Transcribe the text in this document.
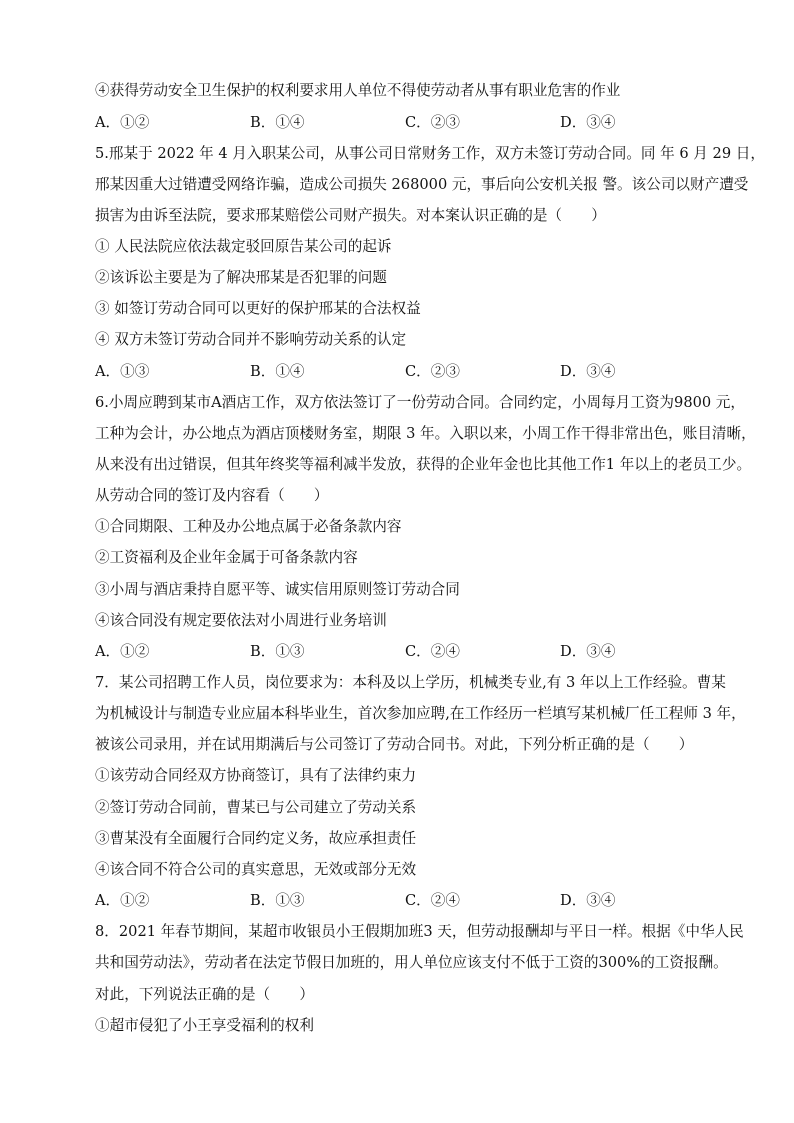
④获得劳动安全卫生保护的权利要求用人单位不得使劳动者从事有职业危害的作业
A．①②	B．①④	C．②③	D．③④
5.邢某于 2022 年 4 月入职某公司，从事公司日常财务工作，双方未签订劳动合同。同 年 6 月 29 日，
邢某因重大过错遭受网络诈骗，造成公司损失 268000 元，事后向公安机关报 警。该公司以财产遭受
损害为由诉至法院，要求邢某赔偿公司财产损失。对本案认识正确的是（　　）
① 人民法院应依法裁定驳回原告某公司的起诉
②该诉讼主要是为了解决邢某是否犯罪的问题
③ 如签订劳动合同可以更好的保护邢某的合法权益
④ 双方未签订劳动合同并不影响劳动关系的认定
A．①③	B．①④	C．②③	D．③④
6.小周应聘到某市A酒店工作，双方依法签订了一份劳动合同。合同约定，小周每月工资为9800 元，
工种为会计，办公地点为酒店顶楼财务室，期限 3 年。入职以来，小周工作干得非常出色，账目清晰，
从来没有出过错误，但其年终奖等福利减半发放，获得的企业年金也比其他工作1 年以上的老员工少。
从劳动合同的签订及内容看（　　）
①合同期限、工种及办公地点属于必备条款内容
②工资福利及企业年金属于可备条款内容
③小周与酒店秉持自愿平等、诚实信用原则签订劳动合同
④该合同没有规定要依法对小周进行业务培训
A．①②	B．①③	C．②④	D．③④
7．某公司招聘工作人员，岗位要求为：本科及以上学历，机械类专业,有 3 年以上工作经验。曹某
为机械设计与制造专业应届本科毕业生，首次参加应聘,在工作经历一栏填写某机械厂任工程师 3 年，
被该公司录用，并在试用期满后与公司签订了劳动合同书。对此，下列分析正确的是（　　）
①该劳动合同经双方协商签订，具有了法律约束力
②签订劳动合同前，曹某已与公司建立了劳动关系
③曹某没有全面履行合同约定义务，故应承担责任
④该合同不符合公司的真实意思，无效或部分无效
A．①②	B．①③	C．②④	D．③④
8．2021 年春节期间，某超市收银员小王假期加班3 天，但劳动报酬却与平日一样。根据《中华人民
共和国劳动法》，劳动者在法定节假日加班的，用人单位应该支付不低于工资的300%的工资报酬。
对此，下列说法正确的是（　　）
①超市侵犯了小王享受福利的权利
